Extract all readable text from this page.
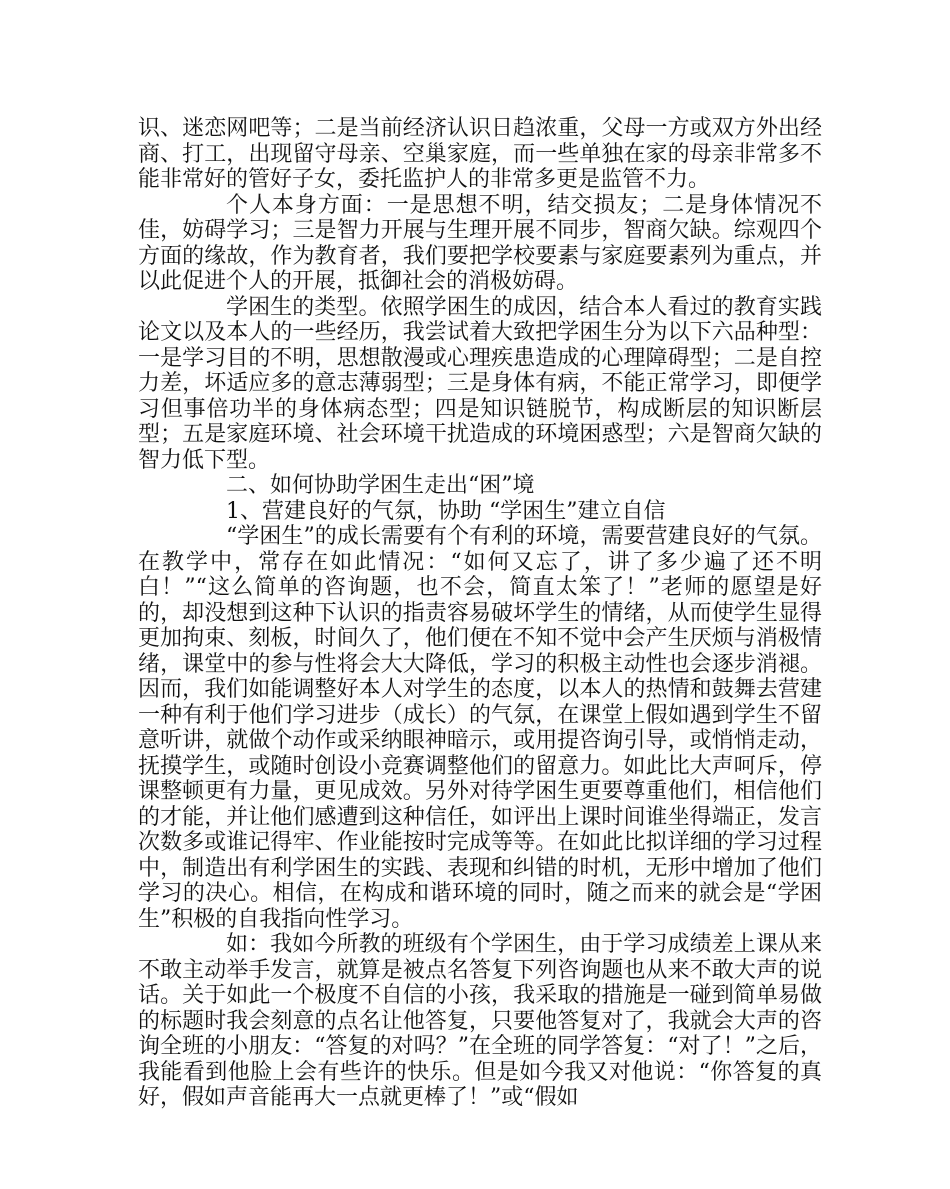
识、迷恋网吧等；二是当前经济认识日趋浓重，父母一方或双方外出经商、打工，出现留守母亲、空巢家庭，而一些单独在家的母亲非常多不能非常好的管好子女，委托监护人的非常多更是监管不力。

个人本身方面：一是思想不明，结交损友；二是身体情况不佳，妨碍学习；三是智力开展与生理开展不同步，智商欠缺。综观四个方面的缘故，作为教育者，我们要把学校要素与家庭要素列为重点，并以此促进个人的开展，抵御社会的消极妨碍。

学困生的类型。依照学困生的成因，结合本人看过的教育实践论文以及本人的一些经历，我尝试着大致把学困生分为以下六品种型：一是学习目的不明，思想散漫或心理疾患造成的心理障碍型；二是自控力差，坏适应多的意志薄弱型；三是身体有病，不能正常学习，即便学习但事倍功半的身体病态型；四是知识链脱节，构成断层的知识断层型；五是家庭环境、社会环境干扰造成的环境困惑型；六是智商欠缺的智力低下型。

二、如何协助学困生走出“困”境

1、营建良好的气氛，协助 “学困生”建立自信

“学困生”的成长需要有个有利的环境，需要营建良好的气氛。在教学中，常存在如此情况：“如何又忘了，讲了多少遍了还不明白！”“这么简单的咨询题，也不会，简直太笨了！”老师的愿望是好的，却没想到这种下认识的指责容易破坏学生的情绪，从而使学生显得更加拘束、刻板，时间久了，他们便在不知不觉中会产生厌烦与消极情绪，课堂中的参与性将会大大降低，学习的积极主动性也会逐步消褪。因而，我们如能调整好本人对学生的态度，以本人的热情和鼓舞去营建一种有利于他们学习进步（成长）的气氛，在课堂上假如遇到学生不留意听讲，就做个动作或采纳眼神暗示，或用提咨询引导，或悄悄走动，抚摸学生，或随时创设小竞赛调整他们的留意力。如此比大声呵斥，停课整顿更有力量，更见成效。另外对待学困生更要尊重他们，相信他们的才能，并让他们感遭到这种信任，如评出上课时间谁坐得端正，发言次数多或谁记得牢、作业能按时完成等等。在如此比拟详细的学习过程中，制造出有利学困生的实践、表现和纠错的时机，无形中增加了他们学习的决心。相信，在构成和谐环境的同时，随之而来的就会是“学困生”积极的自我指向性学习。

如：我如今所教的班级有个学困生，由于学习成绩差上课从来不敢主动举手发言，就算是被点名答复下列咨询题也从来不敢大声的说话。关于如此一个极度不自信的小孩，我采取的措施是一碰到简单易做的标题时我会刻意的点名让他答复，只要他答复对了，我就会大声的咨询全班的小朋友：“答复的对吗？”在全班的同学答复：“对了！”之后，我能看到他脸上会有些许的快乐。但是如今我又对他说：“你答复的真好，假如声音能再大一点就更棒了！”或“假如
